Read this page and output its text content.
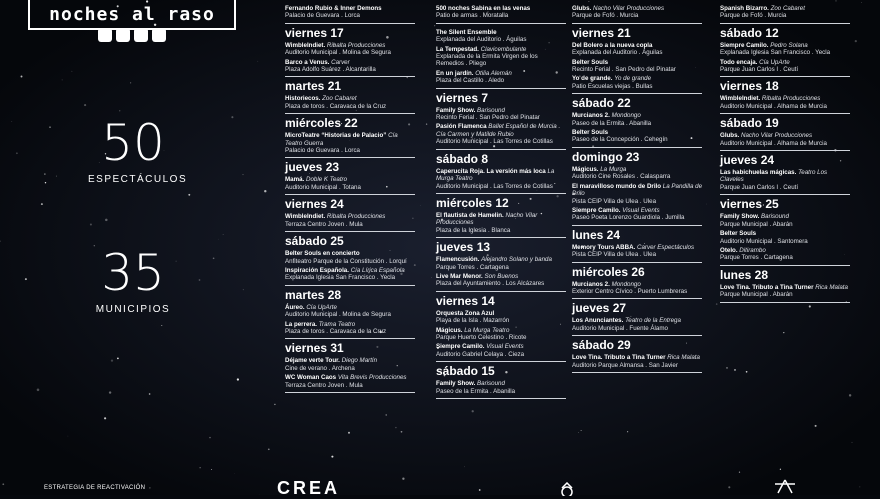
noches al raso
50
ESPECTÁCULOS
35
MUNICIPIOS
Fernando Rubio & Inner Demons
Palacio de Guevara . Lorca
viernes 17
WimbleIndiet. Ribalta Producciones
Auditorio Municipal . Molina de Segura
Barco a Venus. Carver
Plaza Adolfo Suárez . Alcantarilla
martes 21
Historiecos. Zoo Cabaret
Plaza de toros . Caravaca de la Cruz
miércoles 22
MicroTeatre “Historias de Palacio” Cía Teatro Guerra
Palacio de Guevara . Lorca
jueves 23
Mamá. Doble K Teatro
Auditorio Municipal . Totana
viernes 24
WimbleIndiet. Ribalta Producciones
Terraza Centro Joven . Mula
sábado 25
Belter Souls en concierto
Anfiteatro Parque de la Constitución . Lorquí
Inspiración Española. Cía Lírica Española
Explanada Iglesia San Francisco . Yecla
martes 28
Áureo. Cía UpArte
Auditorio Municipal . Molina de Segura
La perrera. Trama Teatro
Plaza de toros . Caravaca de la Cruz
viernes 31
Déjame verte Tour. Diego Martín
Cine de verano . Archena
WC Woman Caos Vita Brevis Producciones
Terraza Centro Joven . Mula
500 noches Sabina en las venas
Patio de armas . Moratalla
The Silent Ensemble
Explanada del Auditorio . Águilas
La Tempestad. Clavicembulante
Explanada de la Ermita Virgen de los Remedios . Pliego
En un jardín. Otilia Alemán
Plaza del Castillo . Aledo
viernes 7
Family Show. Barisound
Recinto Ferial . San Pedro del Pinatar
Pasión Flamenca Ballet Español de Murcia . Cía Carmen y Matilde Rubio
Auditorio Municipal . Las Torres de Cotillas
sábado 8
Caperucita Roja. La versión más loca La Murga Teatro
Auditorio Municipal . Las Torres de Cotillas
miércoles 12
El flautista de Hamelin. Nacho Vilar Producciones
Plaza de la Iglesia . Blanca
jueves 13
Flamencusión. Alejandro Solano y banda
Parque Torres . Cartagena
Live Mar Menor. Son Buenos
Plaza del Ayuntamiento . Los Alcázares
viernes 14
Orquesta Zona Azul
Playa de la Isla . Mazarrón
Mágicus. La Murga Teatro
Parque Huerto Celestino . Ricote
Siempre Camilo. Visual Events
Auditorio Gabriel Celaya . Cieza
sábado 15
Family Show. Barisound
Paseo de la Ermita . Abanilla
Glubs. Nacho Vilar Producciones
Parque de Fofó . Murcia
viernes 21
Del Bolero a la nueva copla
Explanada del Auditorio . Águilas
Belter Souls
Recinto Ferial . San Pedro del Pinatar
Yo de grande. Yo de grande
Patio Escuelas viejas . Bullas
sábado 22
Murcianos 2. Mondongo
Paseo de la Ermita . Abanilla
Belter Souls
Paseo de la Concepción . Cehegín
domingo 23
Mágicus. La Murga
Auditorio Cine Rosales . Calasparra
El maravilloso mundo de Drilo La Pandilla de Drilo
Pista CEIP Villa de Ulea . Ulea
Siempre Camilo. Visual Events
Paseo Poeta Lorenzo Guardiola . Jumilla
lunes 24
Memory Tours ABBA. Carver Espectáculos
Pista CEIP Villa de Ulea . Ulea
miércoles 26
Murcianos 2. Mondongo
Exterior Centro Cívico . Puerto Lumbreras
jueves 27
Los Anunciantes. Teatro de la Entrega
Auditorio Municipal . Fuente Álamo
sábado 29
Love Tina. Tributo a Tina Turner Rica Malata
Auditorio Parque Almansa . San Javier
Spanish Bizarro. Zoo Cabaret
Parque de Fofó . Murcia
sábado 12
Siempre Camilo. Pedro Solana
Explanada Iglesia San Francisco . Yecla
Todo encaja. Cía UpArte
Parque Juan Carlos I . Ceutí
viernes 18
WimbleIndiet. Ribalta Producciones
Auditorio Municipal . Alhama de Murcia
sábado 19
Glubs. Nacho Vilar Producciones
Auditorio Municipal . Alhama de Murcia
jueves 24
Las habichuelas mágicas. Teatro Los Claveles
Parque Juan Carlos I . Ceutí
viernes 25
Family Show. Barisound
Parque Municipal . Abarán
Belter Souls
Auditorio Municipal . Santomera
Otelo. Ditirambo
Parque Torres . Cartagena
lunes 28
Love Tina. Tributo a Tina Turner Rica Malata
Parque Municipal . Abarán
ESTRATEGIA DE REACTIVACIÓN	CREA
